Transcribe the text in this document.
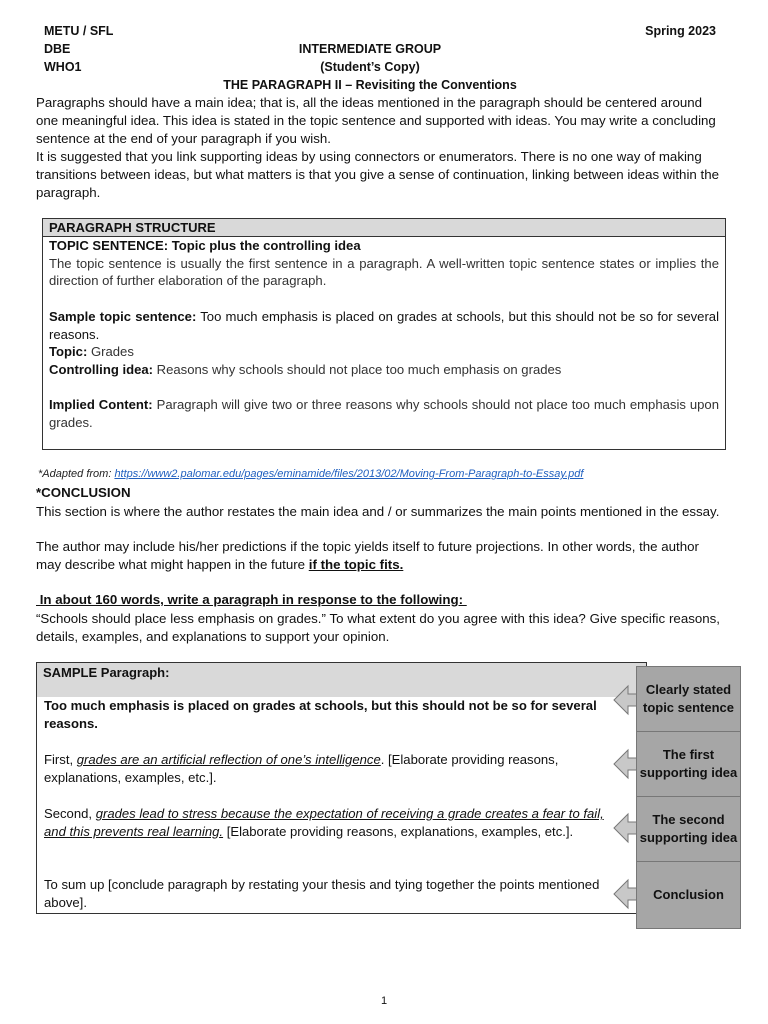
METU / SFL
DBE
WHO1
Spring 2023
INTERMEDIATE GROUP
(Student’s Copy)
THE PARAGRAPH II – Revisiting the Conventions

Paragraphs should have a main idea; that is, all the ideas mentioned in the paragraph should be centered around one meaningful idea. This idea is stated in the topic sentence and supported with ideas. You may write a concluding sentence at the end of your paragraph if you wish.

It is suggested that you link supporting ideas by using connectors or enumerators. There is no one way of making transitions between ideas, but what matters is that you give a sense of continuation, linking between ideas within the paragraph.

PARAGRAPH STRUCTURE

TOPIC SENTENCE: Topic plus the controlling idea

The topic sentence is usually the first sentence in a paragraph. A well-written topic sentence states or implies the direction of further elaboration of the paragraph.

Sample topic sentence: Too much emphasis is placed on grades at schools, but this should not be so for several reasons.

Topic: Grades

Controlling idea: Reasons why schools should not place too much emphasis on grades

Implied Content: Paragraph will give two or three reasons why schools should not place too much emphasis upon grades.

*Adapted from: https://www2.palomar.edu/pages/eminamide/files/2013/02/Moving-From-Paragraph-to-Essay.pdf
*CONCLUSION

This section is where the author restates the main idea and / or summarizes the main points mentioned in the essay.

The author may include his/her predictions if the topic yields itself to future projections. In other words, the author may describe what might happen in the future if the topic fits.

In about 160 words, write a paragraph in response to the following:

“Schools should place less emphasis on grades.” To what extent do you agree with this idea? Give specific reasons, details, examples, and explanations to support your opinion.

SAMPLE Paragraph:

Too much emphasis is placed on grades at schools, but this should not be so for several reasons.

First, grades are an artificial reflection of one’s intelligence. [Elaborate providing reasons, explanations, examples, etc.].

Second, grades lead to stress because the expectation of receiving a grade creates a fear to fail, and this prevents real learning. [Elaborate providing reasons, explanations, examples, etc.].

To sum up [conclude paragraph by restating your thesis and tying together the points mentioned above].

Clearly stated topic sentence
The first supporting idea
The second supporting idea
Conclusion
1
